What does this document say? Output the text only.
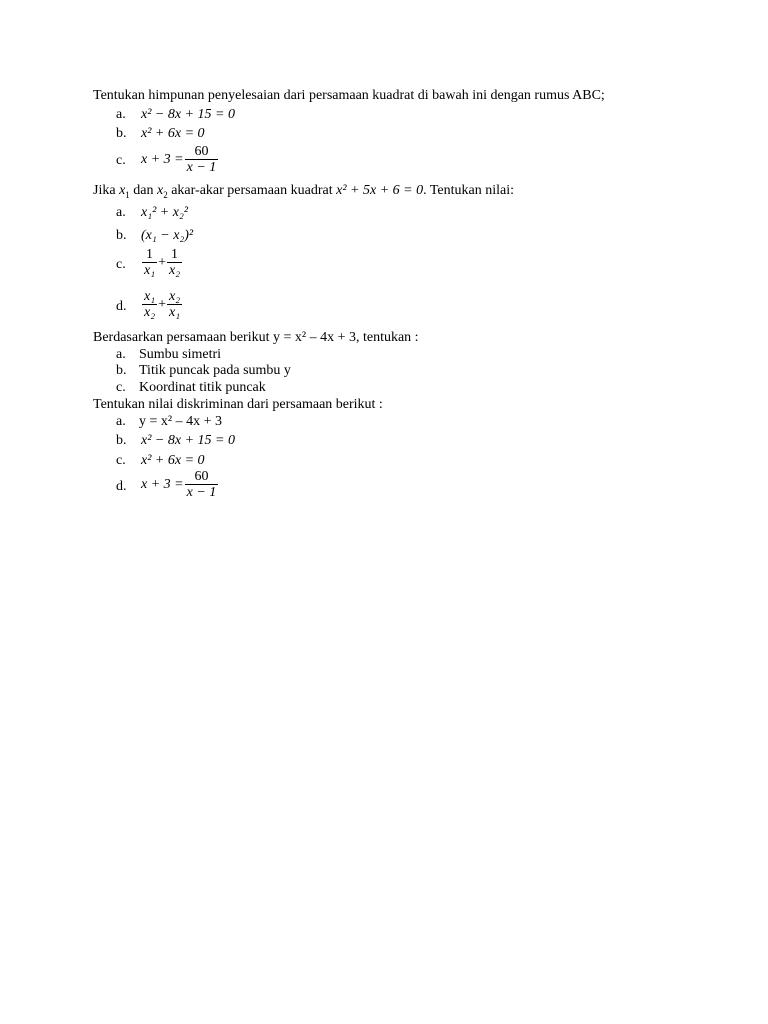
Tentukan himpunan penyelesaian dari persamaan kuadrat di bawah ini dengan rumus ABC;
a. x² − 8x + 15 = 0
b. x² + 6x = 0
c. $x + 3 = \frac{60}{x - 1}$
Jika $x_1$ dan $x_2$ akar-akar persamaan kuadrat x² + 5x + 6 = 0. Tentukan nilai:
a. x₁² + x₂²
b. (x₁ − x₂)²
c. $\frac{1}{\text{x₁}} + \frac{1}{\text{x₂}}$
d. $\frac{\text{x₁}}{\text{x₂}} + \frac{\text{x₂}}{\text{x₁}}$
Berdasarkan persamaan berikut y = x² – 4x + 3, tentukan :
a. Sumbu simetri
b. Titik puncak pada sumbu y
c. Koordinat titik puncak
Tentukan nilai diskriminan dari persamaan berikut :
a. y = x² – 4x + 3
b. x² − 8x + 15 = 0
c. x² + 6x = 0
d. $x + 3 = \frac{60}{x - 1}$
